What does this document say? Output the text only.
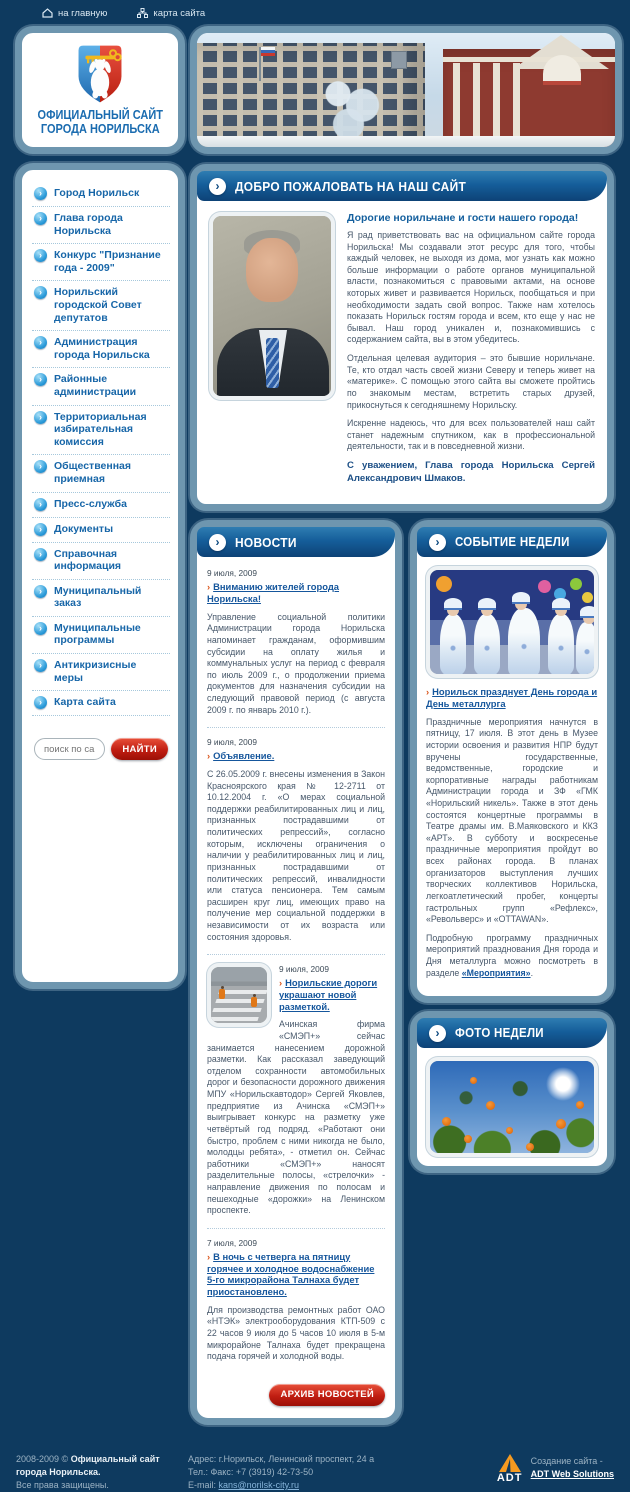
на главную	карта сайта
ОФИЦИАЛЬНЫЙ САЙТ
ГОРОДА НОРИЛЬСКА
›	Город Норильск
›	Глава города Норильска
›	Конкурс "Признание года - 2009"
›	Норильский городской Совет депутатов
›	Администрация города Норильска
›	Районные администрации
›	Территориальная избирательная комиссия
›	Общественная приемная
›	Пресс-служба
›	Документы
›	Справочная информация
›	Муниципальный заказ
›	Муниципальные программы
›	Антикризисные меры
›	Карта сайта
поиск по сайту
НАЙТИ
›	ДОБРО ПОЖАЛОВАТЬ НА НАШ САЙТ
Дорогие норильчане и гости нашего города!

Я рад приветствовать вас на официальном сайте города Норильска! Мы создавали этот ресурс для того, чтобы каждый человек, не выходя из дома, мог узнать как можно больше информации о работе органов муниципальной власти, познакомиться с правовыми актами, на основе которых живет и развивается Норильск, пообщаться и при необходимости задать свой вопрос. Также нам хотелось показать Норильск гостям города и всем, кто еще у нас не бывал. Наш город уникален и, познакомившись с содержанием сайта, вы в этом убедитесь.

Отдельная целевая аудитория – это бывшие норильчане. Те, кто отдал часть своей жизни Северу и теперь живет на «материке». С помощью этого сайта вы сможете пройтись по знакомым местам, встретить старых друзей, прикоснуться к сегодняшнему Норильску.

Искренне надеюсь, что для всех пользователей наш сайт станет надежным спутником, как в профессиональной деятельности, так и в повседневной жизни.

С уважением, Глава города Норильска Сергей Александрович Шмаков.

›	НОВОСТИ
9 июля, 2009
› Вниманию жителей города Норильска!

Управление социальной политики Администрации города Норильска напоминает гражданам, оформившим субсидии на оплату жилья и коммунальных услуг на период с февраля по июль 2009 г., о продолжении приема документов для назначения субсидии на следующий правовой период (с августа 2009 г. по январь 2010 г.).

9 июля, 2009
› Объявление.

С 26.05.2009 г. внесены изменения в Закон Красноярского края № 12-2711 от 10.12.2004 г. «О мерах социальной поддержки реабилитированных лиц и лиц, признанных пострадавшими от политических репрессий», согласно которым, исключены ограничения о наличии у реабилитированных лиц и лиц, признанных пострадавшими от политических репрессий, инвалидности или статуса пенсионера. Тем самым расширен круг лиц, имеющих право на получение мер социальной поддержки в независимости от их возраста или состояния здоровья.

9 июля, 2009
› Норильские дороги украшают новой разметкой.

Ачинская фирма «СМЭП+» сейчас занимается нанесением дорожной разметки. Как рассказал заведующий отделом сохранности автомобильных дорог и безопасности дорожного движения МПУ «Норильскавтодор» Сергей Яковлев, предприятие из Ачинска «СМЭП+» выигрывает конкурс на разметку уже четвёртый год подряд. «Работают они быстро, проблем с ними никогда не было, молодцы ребята», - отметил он. Сейчас работники «СМЭП+» наносят разделительные полосы, «стрелочки» - направление движения по полосам и пешеходные «дорожки» на Ленинском проспекте.

7 июля, 2009
› В ночь с четверга на пятницу горячее и холодное водоснабжение 5-го микрорайона Талнаха будет приостановлено.

Для производства ремонтных работ ОАО «НТЭК» электрооборудования КТП-509 с 22 часов 9 июля до 5 часов 10 июля в 5-м микрорайоне Талнаха будет прекращена подача горячей и холодной воды.

АРХИВ НОВОСТЕЙ
›	СОБЫТИЕ НЕДЕЛИ
› Норильск празднует День города и День металлурга

Праздничные мероприятия начнутся в пятницу, 17 июля. В этот день в Музее истории освоения и развития НПР будут вручены государственные, ведомственные, городские и корпоративные награды работникам Администрации города и ЗФ «ГМК «Норильский никель». Также в этот день состоятся концертные программы в Театре драмы им. В.Маяковского и ККЗ «АРТ». В субботу и воскресенье праздничные мероприятия пройдут во всех районах города. В планах организаторов выступления лучших творческих коллективов Норильска, легкоатлетический пробег, концерты гастрольных групп «Рефлекс», «Револьверс» и «OTTAWAN».

Подробную программу праздничных мероприятий празднования Дня города и Дня металлурга можно посмотреть в разделе «Мероприятия».

›	ФОТО НЕДЕЛИ
2008-2009 © Официальный сайт города Норильска.
Все права защищены.
Адрес: г.Норильск, Ленинский проспект, 24 а
Тел.: Факс: +7 (3919) 42-73-50
E-mail: kans@norilsk-city.ru
ADT
Создание сайта -
ADT Web Solutions
